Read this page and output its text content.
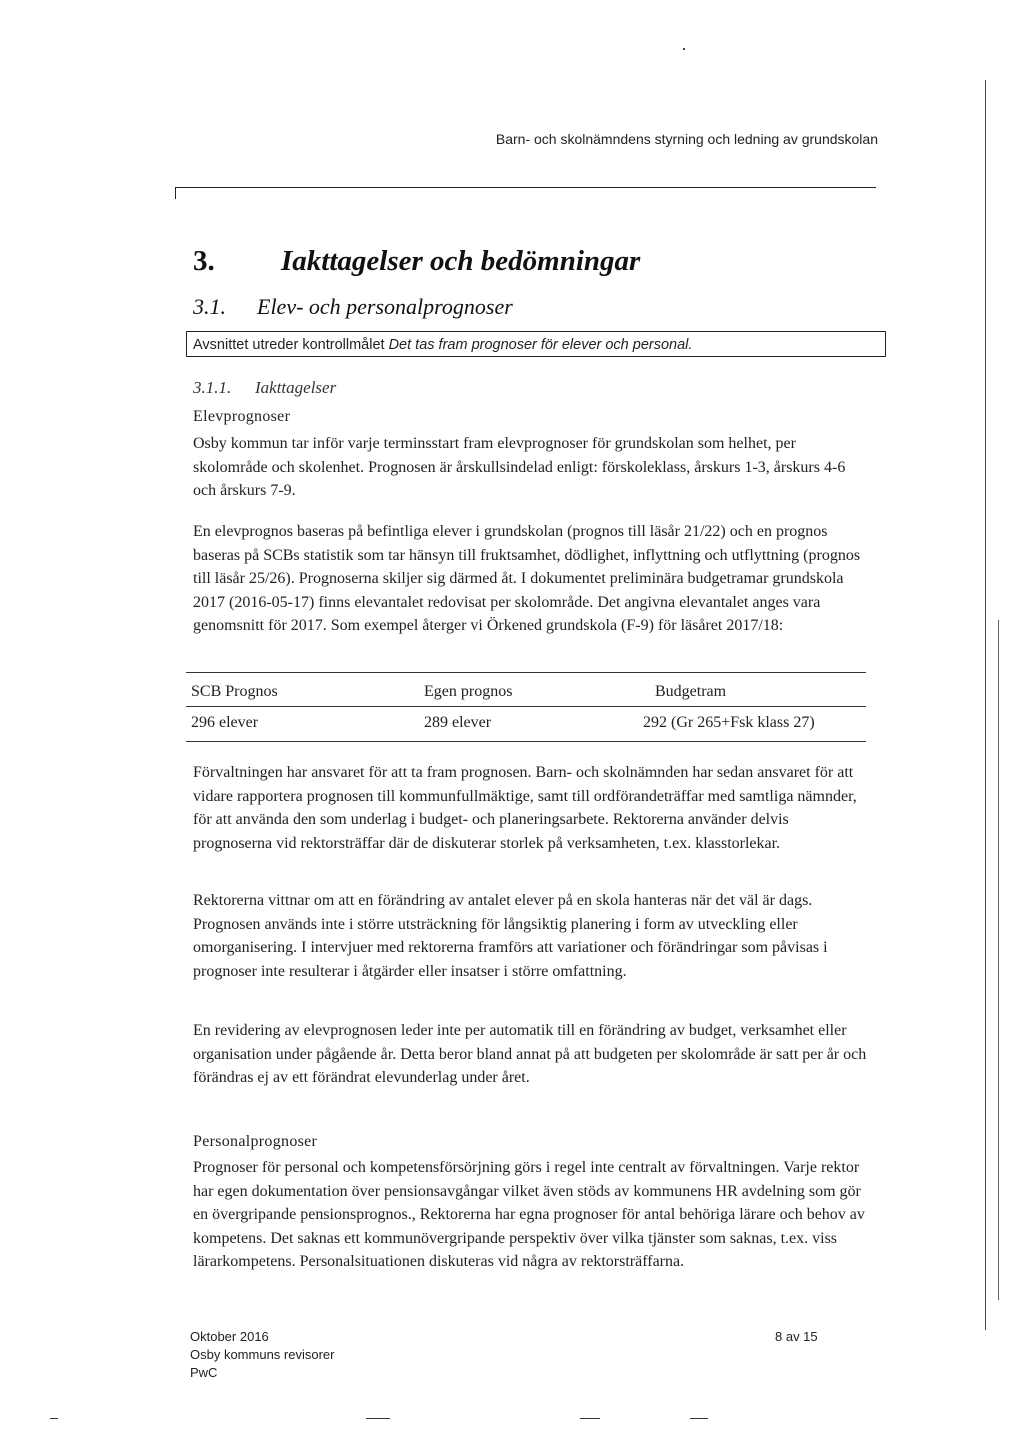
Barn- och skolnämndens styrning och ledning av grundskolan
3. Iakttagelser och bedömningar
3.1. Elev- och personalprognoser
Avsnittet utreder kontrollmålet Det tas fram prognoser för elever och personal.
3.1.1. Iakttagelser
Elevprognoser

Osby kommun tar inför varje terminsstart fram elevprognoser för grundskolan som helhet, per skolområde och skolenhet. Prognosen är årskullsindelad enligt: förskoleklass, årskurs 1-3, årskurs 4-6 och årskurs 7-9.

En elevprognos baseras på befintliga elever i grundskolan (prognos till läsår 21/22) och en prognos baseras på SCBs statistik som tar hänsyn till fruktsamhet, dödlighet, inflyttning och utflyttning (prognos till läsår 25/26). Prognoserna skiljer sig därmed åt. I dokumentet preliminära budgetramar grundskola 2017 (2016-05-17) finns elevantalet redovisat per skolområde. Det angivna elevantalet anges vara genomsnitt för 2017. Som exempel återger vi Örkened grundskola (F-9) för läsåret 2017/18:

SCB Prognos	Egen prognos	Budgetram
296 elever	289 elever	292 (Gr 265+Fsk klass 27)

Förvaltningen har ansvaret för att ta fram prognosen. Barn- och skolnämnden har sedan ansvaret för att vidare rapportera prognosen till kommunfullmäktige, samt till ordförandeträffar med samtliga nämnder, för att använda den som underlag i budget- och planeringsarbete. Rektorerna använder delvis prognoserna vid rektorsträffar där de diskuterar storlek på verksamheten, t.ex. klasstorlekar.

Rektorerna vittnar om att en förändring av antalet elever på en skola hanteras när det väl är dags. Prognosen används inte i större utsträckning för långsiktig planering i form av utveckling eller omorganisering. I intervjuer med rektorerna framförs att variationer och förändringar som påvisas i prognoser inte resulterar i åtgärder eller insatser i större omfattning.

En revidering av elevprognosen leder inte per automatik till en förändring av budget, verksamhet eller organisation under pågående år. Detta beror bland annat på att budgeten per skolområde är satt per år och förändras ej av ett förändrat elevunderlag under året.

Personalprognoser

Prognoser för personal och kompetensförsörjning görs i regel inte centralt av förvaltningen. Varje rektor har egen dokumentation över pensionsavgångar vilket även stöds av kommunens HR avdelning som gör en övergripande pensionsprognos., Rektorerna har egna prognoser för antal behöriga lärare och behov av kompetens. Det saknas ett kommunövergripande perspektiv över vilka tjänster som saknas, t.ex. viss lärarkompetens. Personalsituationen diskuteras vid några av rektorsträffarna.

Oktober 2016
Osby kommuns revisorer
PwC
8 av 15
